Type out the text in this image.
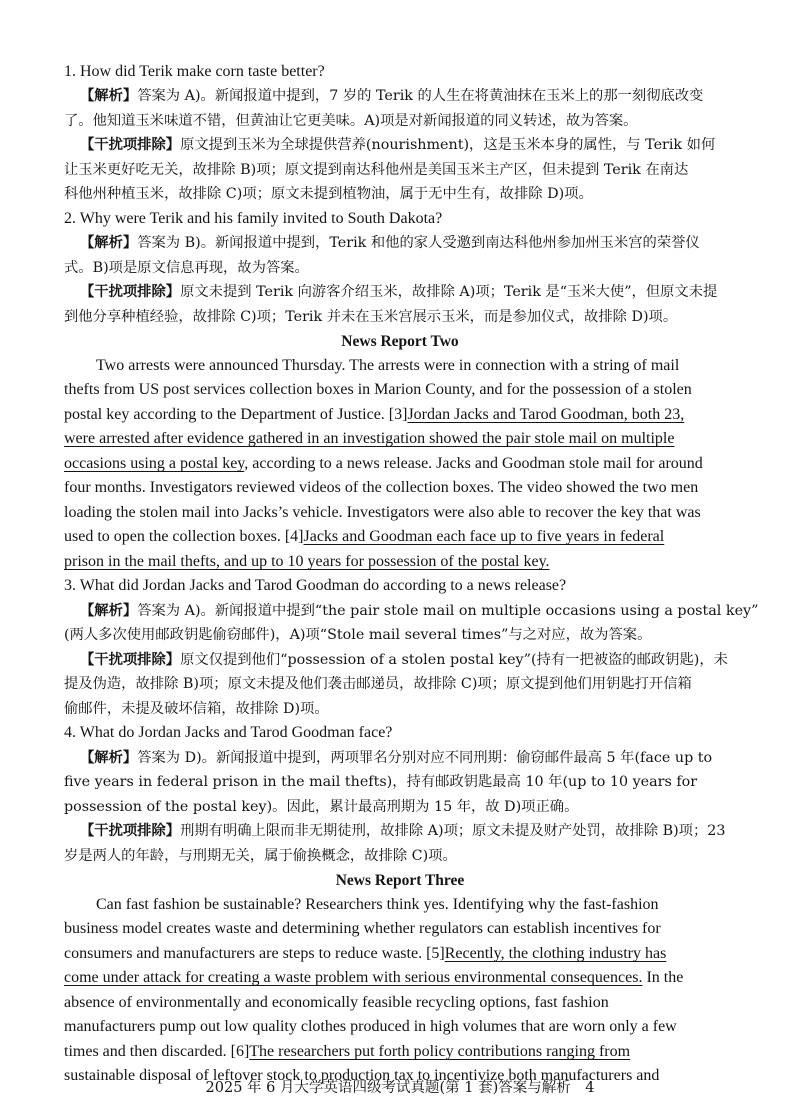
1. How did Terik make corn taste better?
【解析】答案为 A)。新闻报道中提到，7 岁的 Terik 的人生在将黄油抹在玉米上的那一刻彻底改变
了。他知道玉米味道不错，但黄油让它更美味。A)项是对新闻报道的同义转述，故为答案。
【干扰项排除】原文提到玉米为全球提供营养(nourishment)，这是玉米本身的属性，与 Terik 如何
让玉米更好吃无关，故排除 B)项；原文提到南达科他州是美国玉米主产区，但未提到 Terik 在南达
科他州种植玉米，故排除 C)项；原文未提到植物油，属于无中生有，故排除 D)项。
2. Why were Terik and his family invited to South Dakota?
【解析】答案为 B)。新闻报道中提到，Terik 和他的家人受邀到南达科他州参加州玉米宫的荣誉仪
式。B)项是原文信息再现，故为答案。
【干扰项排除】原文未提到 Terik 向游客介绍玉米，故排除 A)项；Terik 是“玉米大使”，但原文未提
到他分享种植经验，故排除 C)项；Terik 并未在玉米宫展示玉米，而是参加仪式，故排除 D)项。
News Report Two
Two arrests were announced Thursday. The arrests were in connection with a string of mail
thefts from US post services collection boxes in Marion County, and for the possession of a stolen
postal key according to the Department of Justice. [3]Jordan Jacks and Tarod Goodman, both 23,
were arrested after evidence gathered in an investigation showed the pair stole mail on multiple
occasions using a postal key, according to a news release. Jacks and Goodman stole mail for around
four months. Investigators reviewed videos of the collection boxes. The video showed the two men
loading the stolen mail into Jacks’s vehicle. Investigators were also able to recover the key that was
used to open the collection boxes. [4]Jacks and Goodman each face up to five years in federal
prison in the mail thefts, and up to 10 years for possession of the postal key.
3. What did Jordan Jacks and Tarod Goodman do according to a news release?
【解析】答案为 A)。新闻报道中提到“the pair stole mail on multiple occasions using a postal key”
(两人多次使用邮政钥匙偷窃邮件)，A)项“Stole mail several times”与之对应，故为答案。
【干扰项排除】原文仅提到他们“possession of a stolen postal key”(持有一把被盗的邮政钥匙)，未
提及伪造，故排除 B)项；原文未提及他们袭击邮递员，故排除 C)项；原文提到他们用钥匙打开信箱
偷邮件，未提及破坏信箱，故排除 D)项。
4. What do Jordan Jacks and Tarod Goodman face?
【解析】答案为 D)。新闻报道中提到，两项罪名分别对应不同刑期：偷窃邮件最高 5 年(face up to
five years in federal prison in the mail thefts)，持有邮政钥匙最高 10 年(up to 10 years for
possession of the postal key)。因此，累计最高刑期为 15 年，故 D)项正确。
【干扰项排除】刑期有明确上限而非无期徒刑，故排除 A)项；原文未提及财产处罚，故排除 B)项；23
岁是两人的年龄，与刑期无关，属于偷换概念，故排除 C)项。
News Report Three
Can fast fashion be sustainable? Researchers think yes. Identifying why the fast-fashion
business model creates waste and determining whether regulators can establish incentives for
consumers and manufacturers are steps to reduce waste. [5]Recently, the clothing industry has
come under attack for creating a waste problem with serious environmental consequences. In the
2025 年 6 月大学英语四级考试真题(第 1 套)答案与解析　4
absence of environmentally and economically feasible recycling options, fast fashion
manufacturers pump out low quality clothes produced in high volumes that are worn only a few
times and then discarded. [6]The researchers put forth policy contributions ranging from
sustainable disposal of leftover stock to production tax to incentivize both manufacturers and
